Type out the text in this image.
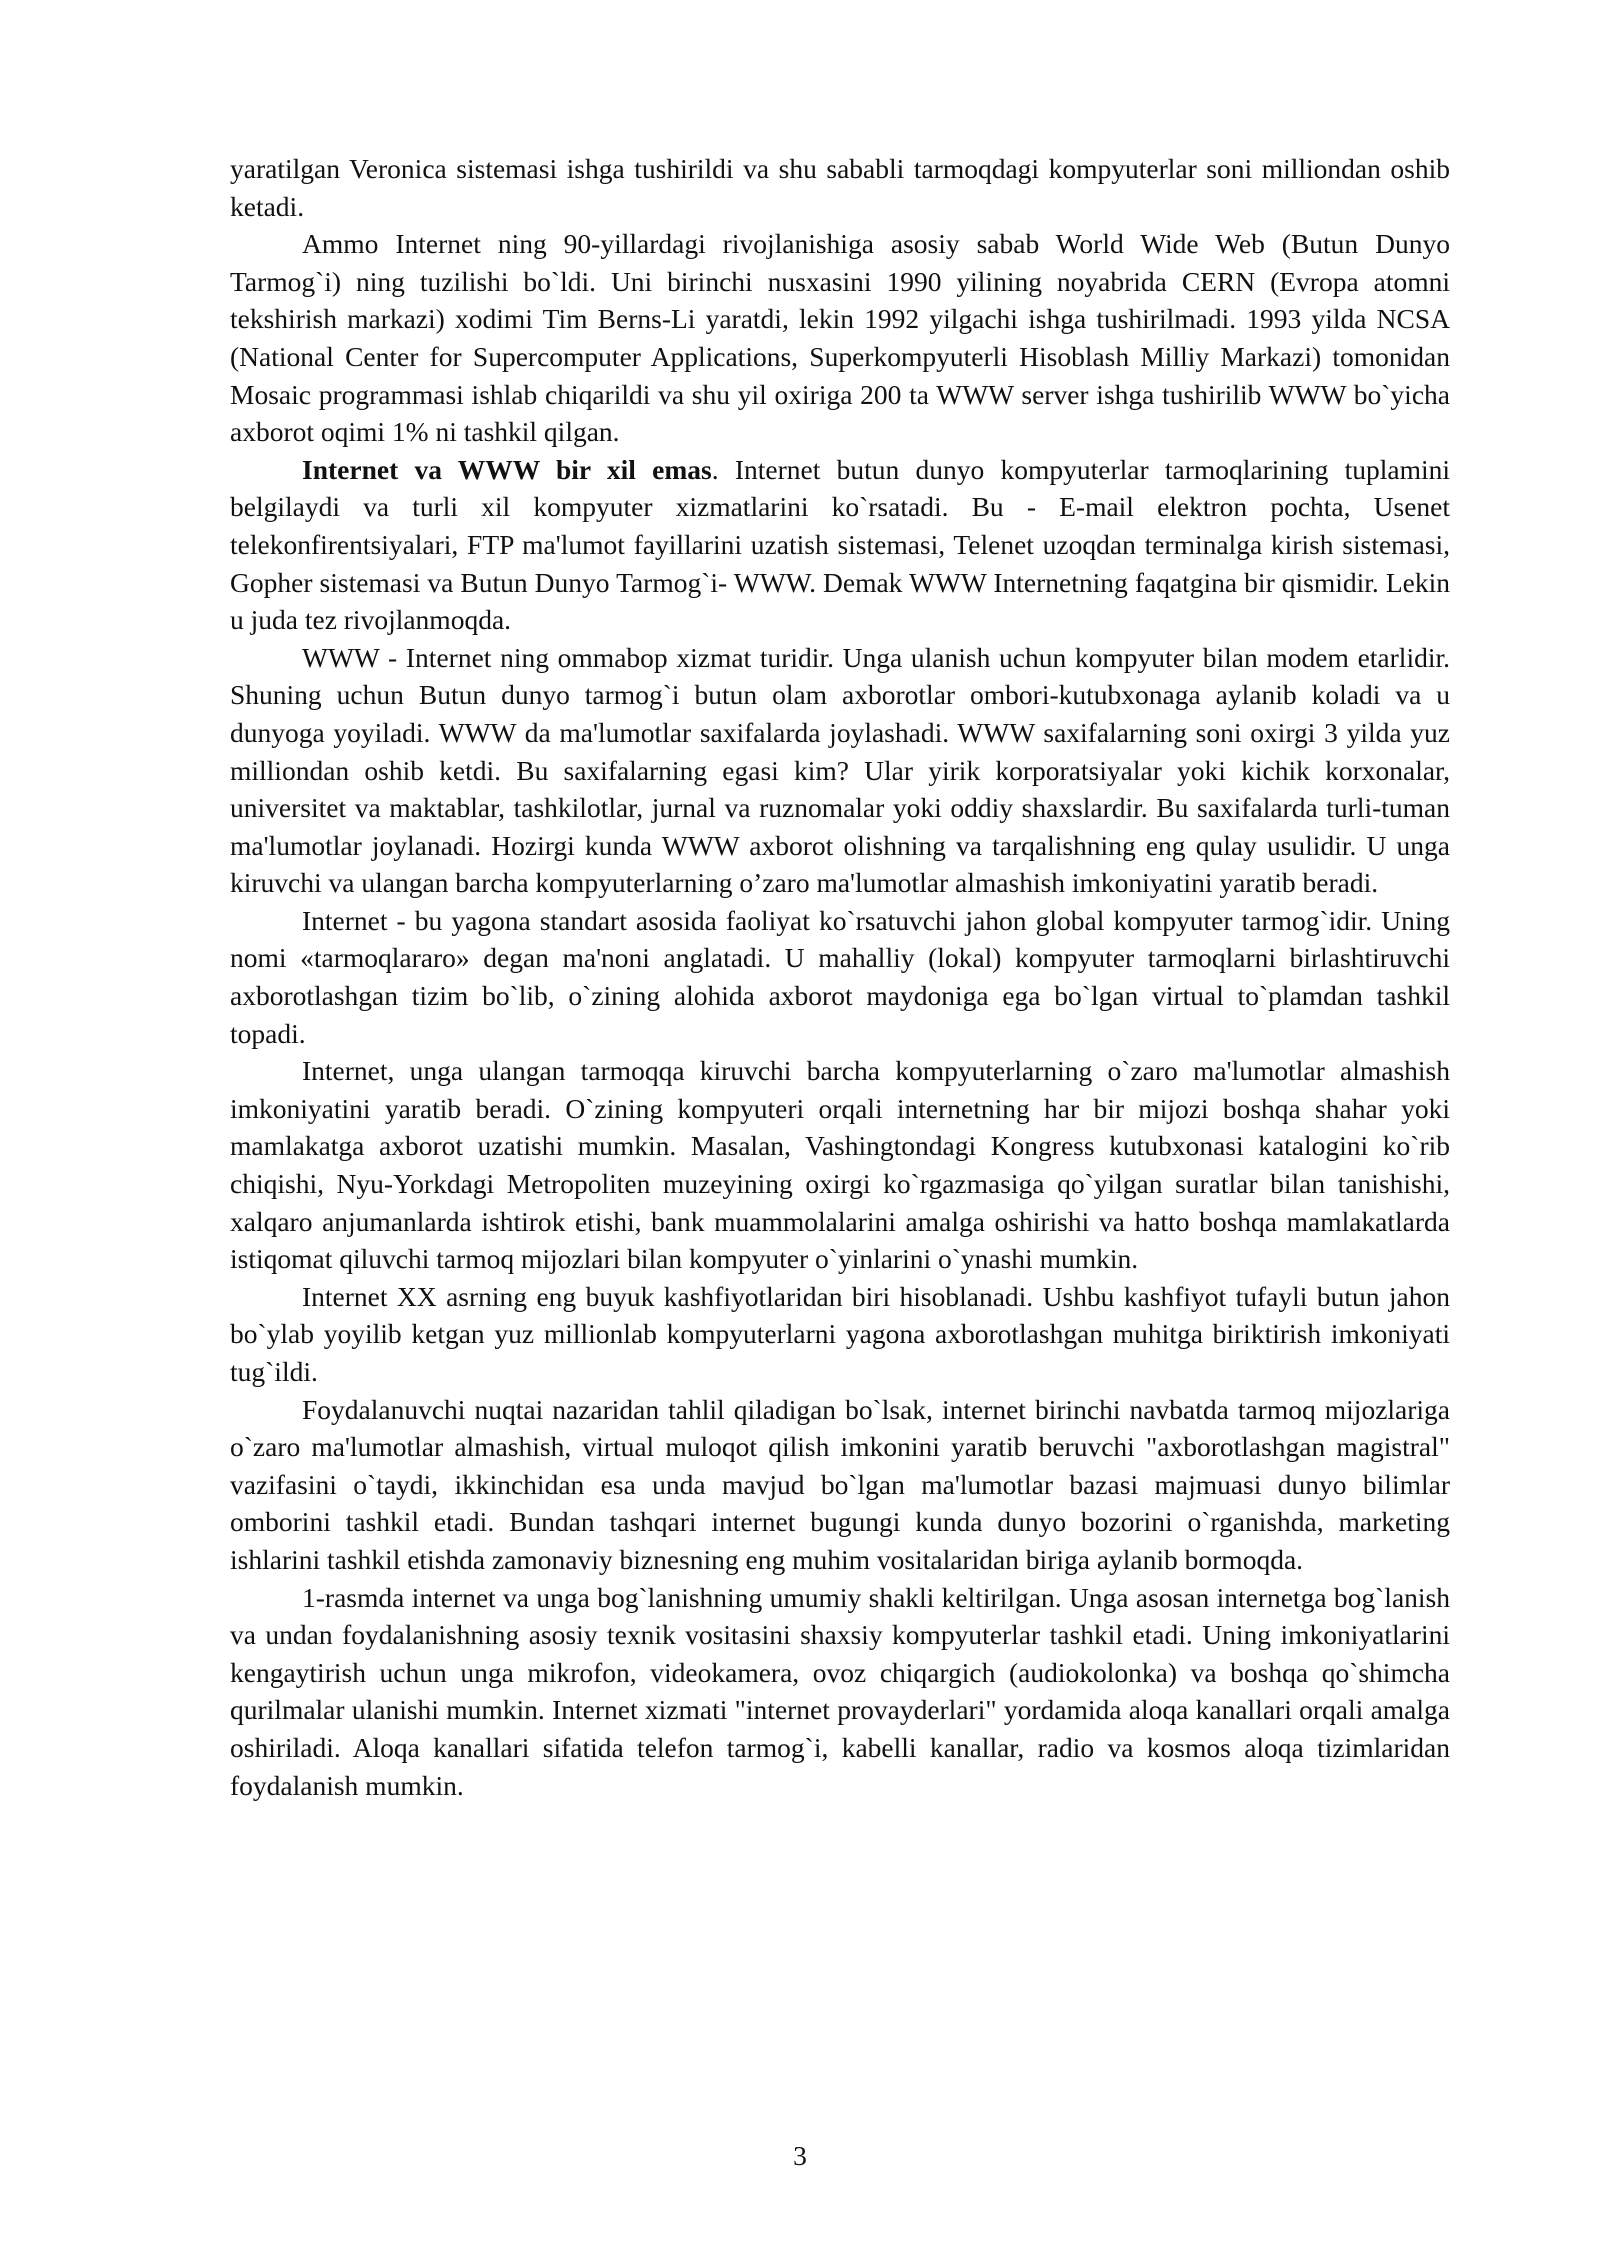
yaratilgan Veronica sistemasi ishga tushirildi va shu sababli tarmoqdagi kompyuterlar soni milliondan oshib ketadi.

Ammo Internet ning 90-yillardagi rivojlanishiga asosiy sabab World Wide Web (Butun Dunyo Tarmog`i) ning tuzilishi bo`ldi. Uni birinchi nusxasini 1990 yilining noyabrida CERN (Evropa atomni tekshirish markazi) xodimi Tim Berns-Li yaratdi, lekin 1992 yilgachi ishga tushirilmadi. 1993 yilda NCSA (National Center for Supercomputer Applications, Superkompyuterli Hisoblash Milliy Markazi) tomonidan Mosaic programmasi ishlab chiqarildi va shu yil oxiriga 200 ta WWW server ishga tushirilib WWW bo`yicha axborot oqimi 1% ni tashkil qilgan.

Internet va WWW bir xil emas. Internet butun dunyo kompyuterlar tarmoqlarining tuplamini belgilaydi va turli xil kompyuter xizmatlarini ko`rsatadi. Bu - E-mail elektron pochta, Usenet telekonfirentsiyalari, FTP ma'lumot fayillarini uzatish sistemasi, Telenet uzoqdan terminalga kirish sistemasi, Gopher sistemasi va Butun Dunyo Tarmog`i- WWW. Demak WWW Internetning faqatgina bir qismidir. Lekin u juda tez rivojlanmoqda.

WWW - Internet ning ommabop xizmat turidir. Unga ulanish uchun kompyuter bilan modem etarlidir. Shuning uchun Butun dunyo tarmog`i butun olam axborotlar ombori-kutubxonaga aylanib koladi va u dunyoga yoyiladi. WWW da ma'lumotlar saxifalarda joylashadi. WWW saxifalarning soni oxirgi 3 yilda yuz milliondan oshib ketdi. Bu saxifalarning egasi kim? Ular yirik korporatsiyalar yoki kichik korxonalar, universitet va maktablar, tashkilotlar, jurnal va ruznomalar yoki oddiy shaxslardir. Bu saxifalarda turli-tuman ma'lumotlar joylanadi. Hozirgi kunda WWW axborot olishning va tarqalishning eng qulay usulidir. U unga kiruvchi va ulangan barcha kompyuterlarning o’zaro ma'lumotlar almashish imkoniyatini yaratib beradi.

Internet - bu yagona standart asosida faoliyat ko`rsatuvchi jahon global kompyuter tarmog`idir. Uning nomi «tarmoqlararo» degan ma'noni anglatadi. U mahalliy (lokal) kompyuter tarmoqlarni birlashtiruvchi axborotlashgan tizim bo`lib, o`zining alohida axborot maydoniga ega bo`lgan virtual to`plamdan tashkil topadi.

Internet, unga ulangan tarmoqqa kiruvchi barcha kompyuterlarning o`zaro ma'lumotlar almashish imkoniyatini yaratib beradi. O`zining kompyuteri orqali internetning har bir mijozi boshqa shahar yoki mamlakatga axborot uzatishi mumkin. Masalan, Vashingtondagi Kongress kutubxonasi katalogini ko`rib chiqishi, Nyu-Yorkdagi Metropoliten muzeyining oxirgi ko`rgazmasiga qo`yilgan suratlar bilan tanishishi, xalqaro anjumanlarda ishtirok etishi, bank muammolalarini amalga oshirishi va hatto boshqa mamlakatlarda istiqomat qiluvchi tarmoq mijozlari bilan kompyuter o`yinlarini o`ynashi mumkin.

Internet XX asrning eng buyuk kashfiyotlaridan biri hisoblanadi. Ushbu kashfiyot tufayli butun jahon bo`ylab yoyilib ketgan yuz millionlab kompyuterlarni yagona axborotlashgan muhitga biriktirish imkoniyati tug`ildi.

Foydalanuvchi nuqtai nazaridan tahlil qiladigan bo`lsak, internet birinchi navbatda tarmoq mijozlariga o`zaro ma'lumotlar almashish, virtual muloqot qilish imkonini yaratib beruvchi "axborotlashgan magistral" vazifasini o`taydi, ikkinchidan esa unda mavjud bo`lgan ma'lumotlar bazasi majmuasi dunyo bilimlar omborini tashkil etadi. Bundan tashqari internet bugungi kunda dunyo bozorini o`rganishda, marketing ishlarini tashkil etishda zamonaviy biznesning eng muhim vositalaridan biriga aylanib bormoqda.

1-rasmda internet va unga bog`lanishning umumiy shakli keltirilgan. Unga asosan internetga bog`lanish va undan foydalanishning asosiy texnik vositasini shaxsiy kompyuterlar tashkil etadi. Uning imkoniyatlarini kengaytirish uchun unga mikrofon, videokamera, ovoz chiqargich (audiokolonka) va boshqa qo`shimcha qurilmalar ulanishi mumkin. Internet xizmati "internet provayderlari" yordamida aloqa kanallari orqali amalga oshiriladi. Aloqa kanallari sifatida telefon tarmog`i, kabelli kanallar, radio va kosmos aloqa tizimlaridan foydalanish mumkin.

3
